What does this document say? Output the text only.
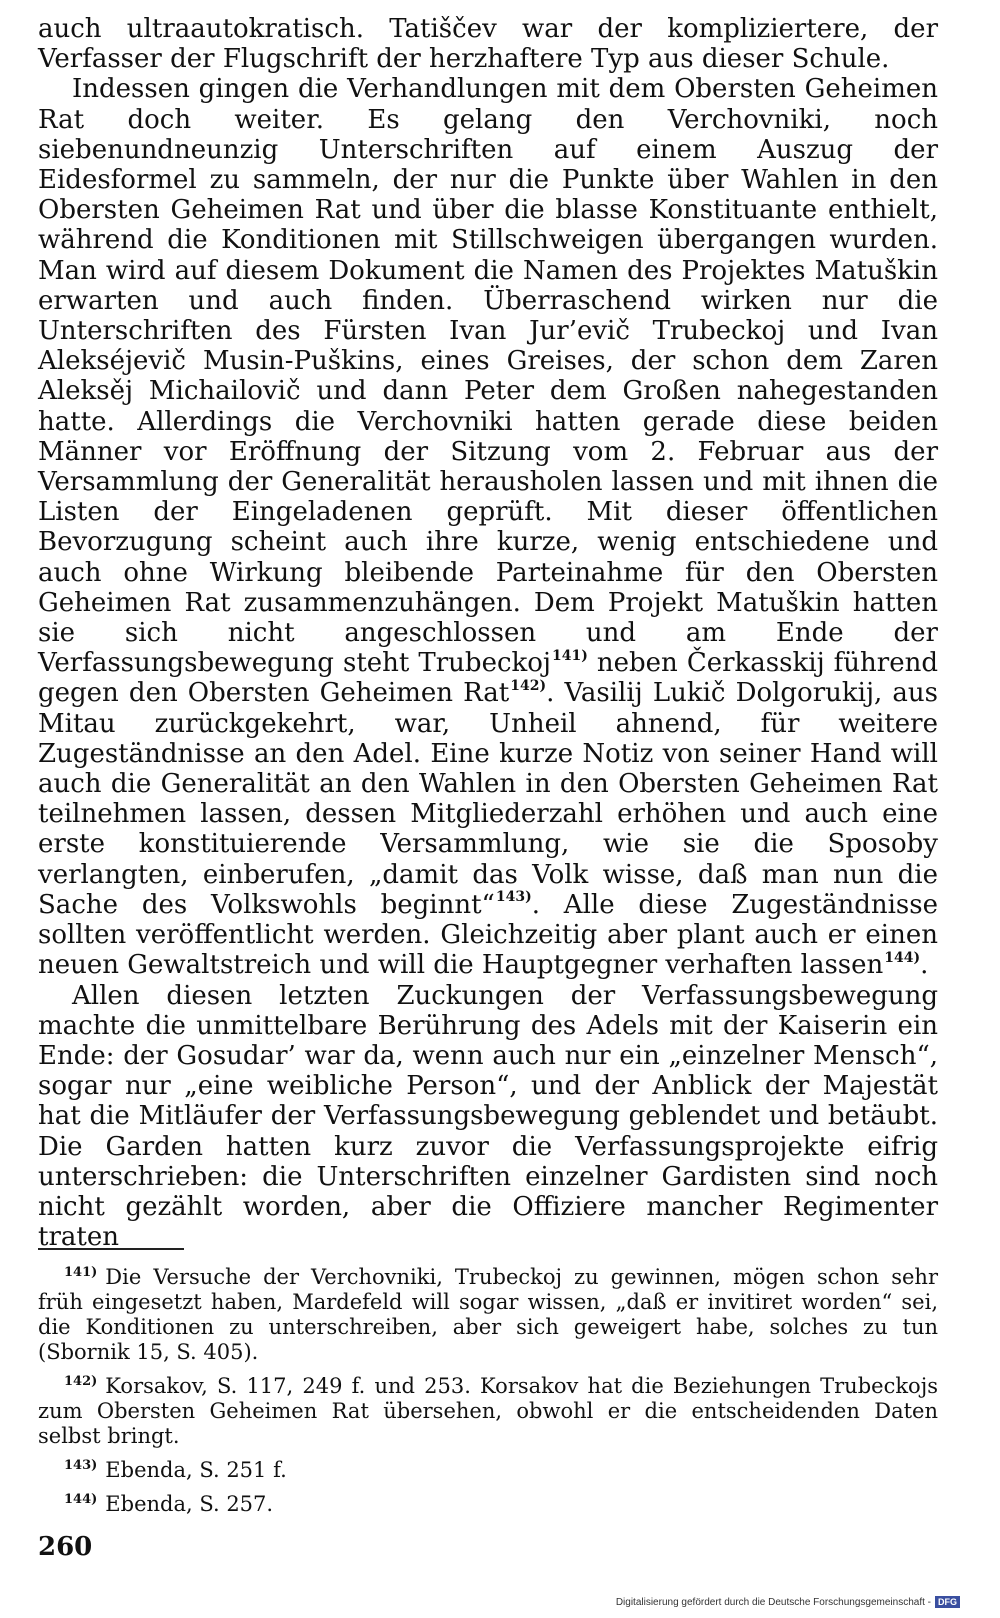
auch ultraautokratisch. Tatiščev war der kompliziertere, der Verfasser der Flugschrift der herzhaftere Typ aus dieser Schule.

Indessen gingen die Verhandlungen mit dem Obersten Geheimen Rat doch weiter. Es gelang den Verchovniki, noch siebenundneunzig Unterschriften auf einem Auszug der Eidesformel zu sammeln, der nur die Punkte über Wahlen in den Obersten Geheimen Rat und über die blasse Konstituante enthielt, während die Konditionen mit Stillschweigen übergangen wurden. Man wird auf diesem Dokument die Namen des Projektes Matuškin erwarten und auch finden. Überraschend wirken nur die Unterschriften des Fürsten Ivan Jur’evič Trubeckoj und Ivan Alekséjevič Musin-Puškins, eines Greises, der schon dem Zaren Aleksěj Michailovič und dann Peter dem Großen nahegestanden hatte. Allerdings die Verchovniki hatten gerade diese beiden Männer vor Eröffnung der Sitzung vom 2. Februar aus der Versammlung der Generalität herausholen lassen und mit ihnen die Listen der Eingeladenen geprüft. Mit dieser öffentlichen Bevorzugung scheint auch ihre kurze, wenig entschiedene und auch ohne Wirkung bleibende Parteinahme für den Obersten Geheimen Rat zusammenzuhängen. Dem Projekt Matuškin hatten sie sich nicht angeschlossen und am Ende der Verfassungsbewegung steht Trubeckoj$^{141)}$ neben Čerkasskij führend gegen den Obersten Geheimen Rat$^{142)}$. Vasilij Lukič Dolgorukij, aus Mitau zurückgekehrt, war, Unheil ahnend, für weitere Zugeständnisse an den Adel. Eine kurze Notiz von seiner Hand will auch die Generalität an den Wahlen in den Obersten Geheimen Rat teilnehmen lassen, dessen Mitgliederzahl erhöhen und auch eine erste konstituierende Versammlung, wie sie die Sposoby verlangten, einberufen, „damit das Volk wisse, daß man nun die Sache des Volkswohls beginnt“$^{143)}$. Alle diese Zugeständnisse sollten veröffentlicht werden. Gleichzeitig aber plant auch er einen neuen Gewaltstreich und will die Hauptgegner verhaften lassen$^{144)}$.

Allen diesen letzten Zuckungen der Verfassungsbewegung machte die unmittelbare Berührung des Adels mit der Kaiserin ein Ende: der Gosudar’ war da, wenn auch nur ein „einzelner Mensch“, sogar nur „eine weibliche Person“, und der Anblick der Majestät hat die Mitläufer der Verfassungsbewegung geblendet und betäubt. Die Garden hatten kurz zuvor die Verfassungsprojekte eifrig unterschrieben: die Unterschriften einzelner Gardisten sind noch nicht gezählt worden, aber die Offiziere mancher Regimenter traten

$^{141)}$ Die Versuche der Verchovniki, Trubeckoj zu gewinnen, mögen schon sehr früh eingesetzt haben, Mardefeld will sogar wissen, „daß er invitiret worden“ sei, die Konditionen zu unterschreiben, aber sich geweigert habe, solches zu tun (Sbornik 15, S. 405).

$^{142)}$ Korsakov, S. 117, 249 f. und 253. Korsakov hat die Beziehungen Trubeckojs zum Obersten Geheimen Rat übersehen, obwohl er die entscheidenden Daten selbst bringt.

$^{143)}$ Ebenda, S. 251 f.

$^{144)}$ Ebenda, S. 257.

260
Digitalisierung gefördert durch die Deutsche Forschungsgemeinschaft - DFG
